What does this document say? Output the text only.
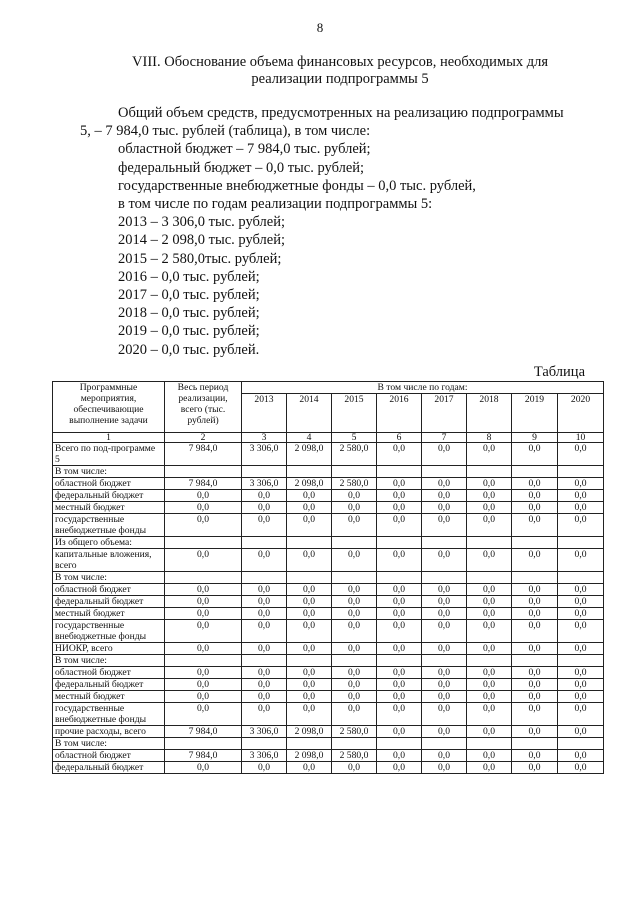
8
VIII. Обоснование объема финансовых ресурсов, необходимых для
реализации подпрограммы 5
Общий объем средств, предусмотренных на реализацию подпрограммы
5, – 7 984,0 тыс. рублей (таблица), в том числе:
областной бюджет – 7 984,0 тыс. рублей;
федеральный бюджет – 0,0 тыс. рублей;
государственные внебюджетные фонды – 0,0 тыс. рублей,
в том числе по годам реализации подпрограммы 5:
2013 – 3 306,0 тыс. рублей;
2014 – 2 098,0 тыс. рублей;
2015 – 2 580,0тыс. рублей;
2016 – 0,0 тыс. рублей;
2017 – 0,0 тыс. рублей;
2018 – 0,0 тыс. рублей;
2019 – 0,0 тыс. рублей;
2020 – 0,0 тыс. рублей.
Таблица
Программные мероприятия, обеспечивающие выполнение задачи	Весь период реализации, всего (тыс. рублей)	В том числе по годам:							
		2013	2014	2015	2016	2017	2018	2019	2020
1	2	3	4	5	6	7	8	9	10
Всего по под-программе 5	7 984,0	3 306,0	2 098,0	2 580,0	0,0	0,0	0,0	0,0	0,0
В том числе:									
областной бюджет	7 984,0	3 306,0	2 098,0	2 580,0	0,0	0,0	0,0	0,0	0,0
федеральный бюджет	0,0	0,0	0,0	0,0	0,0	0,0	0,0	0,0	0,0
местный бюджет	0,0	0,0	0,0	0,0	0,0	0,0	0,0	0,0	0,0
государственные внебюджетные фонды	0,0	0,0	0,0	0,0	0,0	0,0	0,0	0,0	0,0
Из общего объема:									
капитальные вложения, всего	0,0	0,0	0,0	0,0	0,0	0,0	0,0	0,0	0,0
В том числе:									
областной бюджет	0,0	0,0	0,0	0,0	0,0	0,0	0,0	0,0	0,0
федеральный бюджет	0,0	0,0	0,0	0,0	0,0	0,0	0,0	0,0	0,0
местный бюджет	0,0	0,0	0,0	0,0	0,0	0,0	0,0	0,0	0,0
государственные внебюджетные фонды	0,0	0,0	0,0	0,0	0,0	0,0	0,0	0,0	0,0
НИОКР, всего	0,0	0,0	0,0	0,0	0,0	0,0	0,0	0,0	0,0
В том числе:									
областной бюджет	0,0	0,0	0,0	0,0	0,0	0,0	0,0	0,0	0,0
федеральный бюджет	0,0	0,0	0,0	0,0	0,0	0,0	0,0	0,0	0,0
местный бюджет	0,0	0,0	0,0	0,0	0,0	0,0	0,0	0,0	0,0
государственные внебюджетные фонды	0,0	0,0	0,0	0,0	0,0	0,0	0,0	0,0	0,0
прочие расходы, всего	7 984,0	3 306,0	2 098,0	2 580,0	0,0	0,0	0,0	0,0	0,0
В том числе:									
областной бюджет	7 984,0	3 306,0	2 098,0	2 580,0	0,0	0,0	0,0	0,0	0,0
федеральный бюджет	0,0	0,0	0,0	0,0	0,0	0,0	0,0	0,0	0,0
